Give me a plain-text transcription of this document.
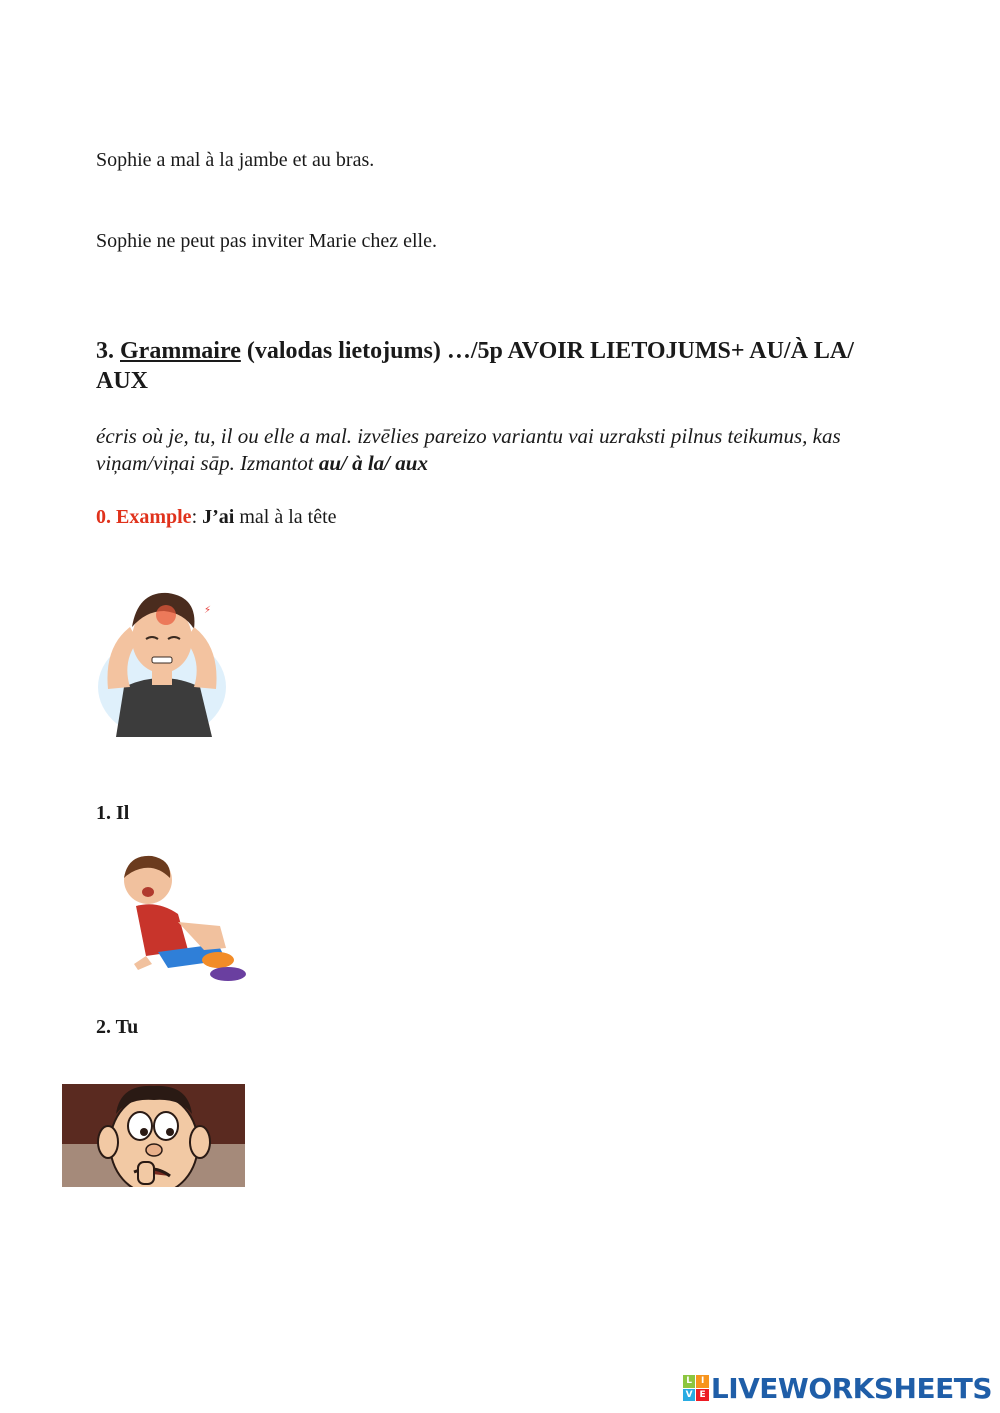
Sophie a mal à la jambe et au bras.
Sophie ne peut pas inviter Marie chez elle.
3. Grammaire (valodas lietojums) …/5p AVOIR LIETOJUMS+ AU/À LA/ AUX
écris où je, tu, il ou elle a mal. izvēlies pareizo variantu vai uzraksti pilnus teikumus, kas viņam/viņai sāp. Izmantot au/ à la/ aux
0. Example: J’ai mal à la tête
⚡
1. Il
2. Tu
L I
V E LIVEWORKSHEETS
